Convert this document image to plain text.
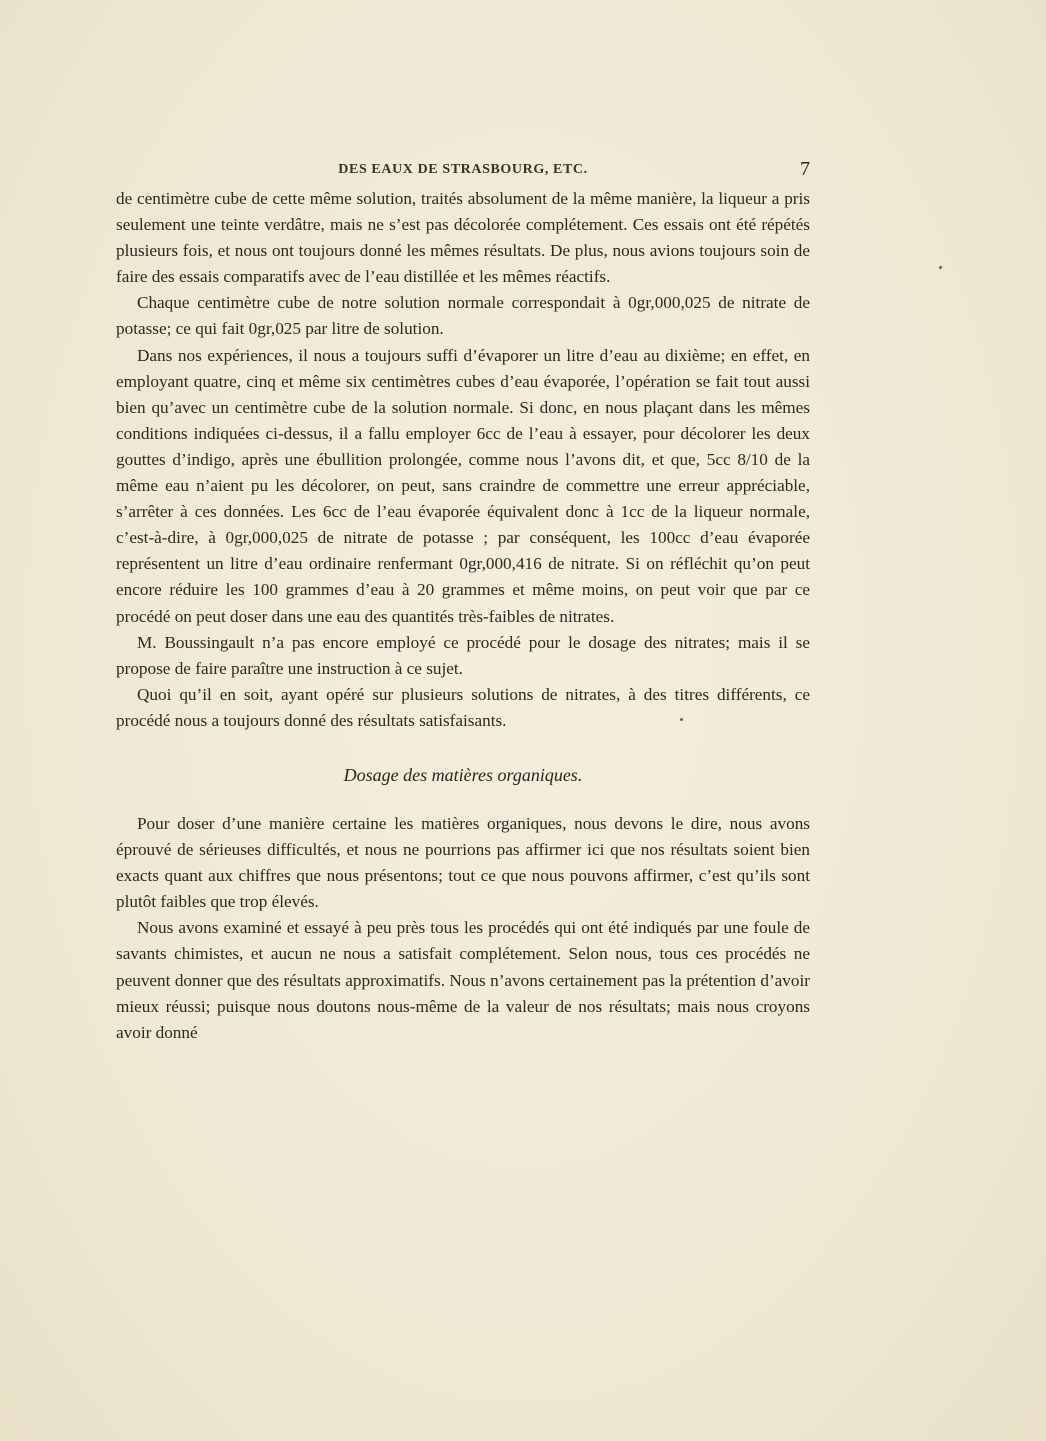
DES EAUX DE STRASBOURG, ETC.	7

de centimètre cube de cette même solution, traités absolument de la même manière, la liqueur a pris seulement une teinte verdâtre, mais ne s’est pas décolorée complétement. Ces essais ont été répétés plusieurs fois, et nous ont toujours donné les mêmes résultats. De plus, nous avions toujours soin de faire des essais comparatifs avec de l’eau distillée et les mêmes réactifs.

Chaque centimètre cube de notre solution normale correspondait à 0gr,000,025 de nitrate de potasse; ce qui fait 0gr,025 par litre de solution.

Dans nos expériences, il nous a toujours suffi d’évaporer un litre d’eau au dixième; en effet, en employant quatre, cinq et même six centimètres cubes d’eau évaporée, l’opération se fait tout aussi bien qu’avec un centimètre cube de la solution normale. Si donc, en nous plaçant dans les mêmes conditions indiquées ci-dessus, il a fallu employer 6cc de l’eau à essayer, pour décolorer les deux gouttes d’indigo, après une ébullition prolongée, comme nous l’avons dit, et que, 5cc 8/10 de la même eau n’aient pu les décolorer, on peut, sans craindre de commettre une erreur appréciable, s’arrêter à ces données. Les 6cc de l’eau évaporée équivalent donc à 1cc de la liqueur normale, c’est-à-dire, à 0gr,000,025 de nitrate de potasse ; par conséquent, les 100cc d’eau évaporée représentent un litre d’eau ordinaire renfermant 0gr,000,416 de nitrate. Si on réfléchit qu’on peut encore réduire les 100 grammes d’eau à 20 grammes et même moins, on peut voir que par ce procédé on peut doser dans une eau des quantités très-faibles de nitrates.

M. Boussingault n’a pas encore employé ce procédé pour le dosage des nitrates; mais il se propose de faire paraître une instruction à ce sujet.

Quoi qu’il en soit, ayant opéré sur plusieurs solutions de nitrates, à des titres différents, ce procédé nous a toujours donné des résultats satisfaisants.

Dosage des matières organiques.

Pour doser d’une manière certaine les matières organiques, nous devons le dire, nous avons éprouvé de sérieuses difficultés, et nous ne pourrions pas affirmer ici que nos résultats soient bien exacts quant aux chiffres que nous présentons; tout ce que nous pouvons affirmer, c’est qu’ils sont plutôt faibles que trop élevés.

Nous avons examiné et essayé à peu près tous les procédés qui ont été indiqués par une foule de savants chimistes, et aucun ne nous a satisfait complétement. Selon nous, tous ces procédés ne peuvent donner que des résultats approximatifs. Nous n’avons certainement pas la prétention d’avoir mieux réussi; puisque nous doutons nous-même de la valeur de nos résultats; mais nous croyons avoir donné
